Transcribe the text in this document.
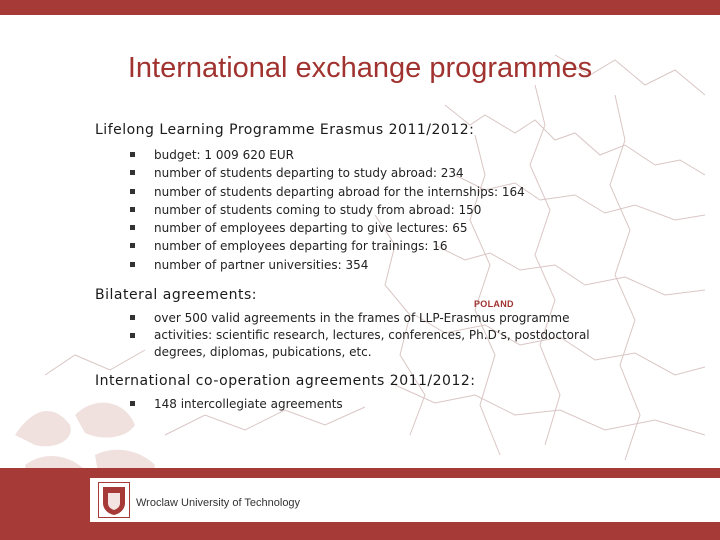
International exchange programmes
Lifelong Learning Programme Erasmus 2011/2012:
budget: 1 009 620 EUR
number of students departing to study abroad: 234
number of students departing abroad for the internships: 164
number of students coming to study from abroad: 150
number of employees departing to give lectures: 65
number of employees departing for trainings: 16
number of partner universities: 354
POLAND
Bilateral agreements:
over 500 valid agreements in the frames of LLP-Erasmus programme
activities: scientific research, lectures, conferences, Ph.D’s, postdoctoral degrees, diplomas, pubications, etc.
International co-operation agreements 2011/2012:
148 intercollegiate agreements
Wroclaw University of Technology
